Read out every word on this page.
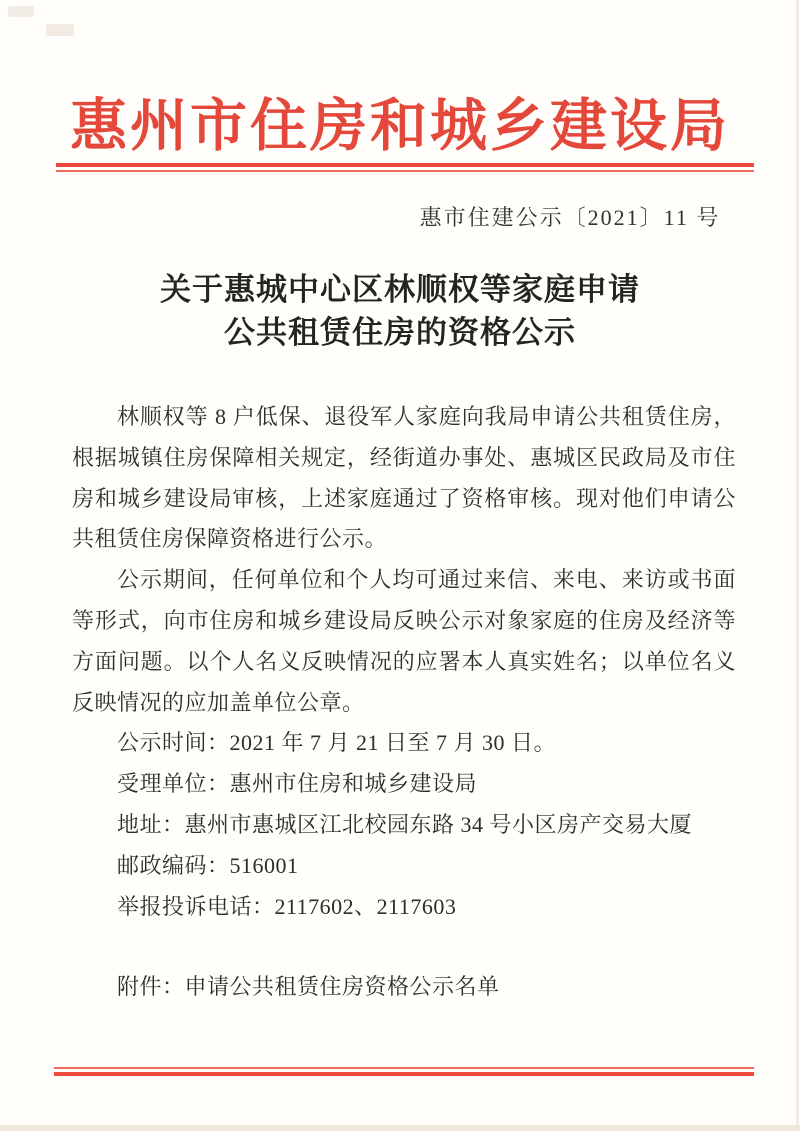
惠州市住房和城乡建设局
惠市住建公示〔2021〕11 号
关于惠城中心区林顺权等家庭申请
公共租赁住房的资格公示

林顺权等 8 户低保、退役军人家庭向我局申请公共租赁住房，根据城镇住房保障相关规定，经街道办事处、惠城区民政局及市住房和城乡建设局审核，上述家庭通过了资格审核。现对他们申请公共租赁住房保障资格进行公示。

公示期间，任何单位和个人均可通过来信、来电、来访或书面等形式，向市住房和城乡建设局反映公示对象家庭的住房及经济等方面问题。以个人名义反映情况的应署本人真实姓名；以单位名义反映情况的应加盖单位公章。

公示时间：2021 年 7 月 21 日至 7 月 30 日。

受理单位：惠州市住房和城乡建设局

地址：惠州市惠城区江北校园东路 34 号小区房产交易大厦

邮政编码：516001

举报投诉电话：2117602、2117603

附件：申请公共租赁住房资格公示名单
